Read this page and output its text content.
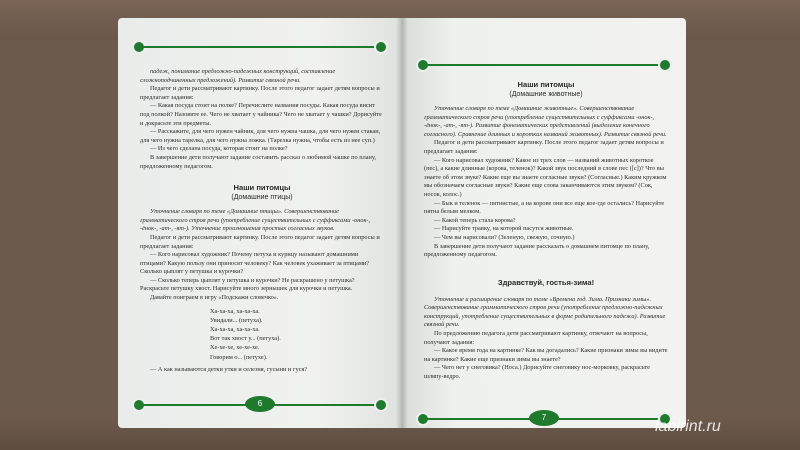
падеж, понимание предложно-падежных конструкций, составление сложноподчиненных предложений). Развитие связной речи.

Педагог и дети рассматривают картинку. После этого педагог задает детям вопросы и предлагает задания:

— Какая посуда стоит на полке? Перечислите названия посуды. Какая посуда висит под полкой? Назовите ее. Чего не хватает у чайника? Чего не хватает у чашки? Дорисуйте и докрасьте эти предметы.

— Расскажите, для чего нужен чайник, для чего нужна чашка, для чего нужен стакан, для чего нужна тарелка, для чего нужна ложка. (Тарелка нужна, чтобы есть из нее суп.)

— Из чего сделана посуда, которая стоит на полке?

В завершение дети получают задание составить рассказ о любимой чашке по плану, предложенному педагогом.

Наши питомцы
(Домашние птицы)

Уточнение словаря по теме «Домашние птицы». Совершенствование грамматического строя речи (употребление существительных с суффиксами -онок-, -ёнок-, -ат-, -ят-). Уточнение произношения простых согласных звуков.

Педагог и дети рассматривают картинку. После этого педагог задает детям вопросы и предлагает задания:

— Кого нарисовал художник? Почему петуха и курицу называют домашними птицами? Какую пользу они приносят человеку? Как человек ухаживает за птицами? Сколько цыплят у петушка и курочки?

— Сколько теперь цыплят у петушка и курочки? Не раскрашено у петушка? Раскрасьте петушку хвост. Нарисуйте много зернышек для курочки и петушка.

Давайте поиграем в игру «Подскажи словечко».

Ха-ха-ха, ха-ха-ха.
Увидали... (петуха).
Ха-ха-ха, ха-ха-ха.
Вот так хвост у... (петуха).
Хе-хе-хе, хе-хе-хе.
Говорим о... (петухе).

— А как называются детки утки и селезня, гусыни и гуся?

6
Наши питомцы
(Домашние животные)

Уточнение словаря по теме «Домашние животные». Совершенствование грамматического строя речи (употребление существительных с суффиксами -онок-, -ёнок-, -ат-, -ят-). Развитие фонематических представлений (выделение конечного согласного). Сравнение длинных и коротких названий животных). Развитие связной речи.

Педагог и дети рассматривают картинку. После этого педагог задает детям вопросы и предлагает задания:

— Кого нарисовал художник? Какое из трех слов — названий животных короткое (пес), а какие длинные (корова, теленок)? Какой звук последний в слове пес ([с])? Что вы знаете об этом звуке? Какие еще вы знаете согласные звуки? (Согласные.) Каким кружком мы обозначаем согласные звуки? Какие еще слова заканчиваются этим звуком? (Сок, носок, колос.)

— Бык и теленок — пятнистые, а на корове они все еще кое-где остались? Нарисуйте пятна белым мелком.

— Какой теперь стала корова?

— Нарисуйте травку, на которой пасутся животные.

— Чем вы нарисовали? (Зеленую, свежую, сочную.)

В завершение дети получают задание рассказать о домашнем питомце по плану, предложенному педагогом.

Здравствуй, гостья-зима!

Уточнение и расширение словаря по теме «Времена год. Зима. Признаки зимы». Совершенствование грамматического строя речи (употребление предложно-падежных конструкций, употребление существительных в форме родительного падежа). Развитие связной речи.

По предложению педагога дети рассматривают картинку, отвечают на вопросы, получают задания:

— Какое время года на картинке? Как вы догадались? Какие признаки зимы вы видите на картинке? Какие еще признаки зимы вы знаете?

— Чего нет у снеговика? (Носа.) Дорисуйте снеговику нос-морковку, раскрасьте шляпу-ведро.

7
labirint.ru
